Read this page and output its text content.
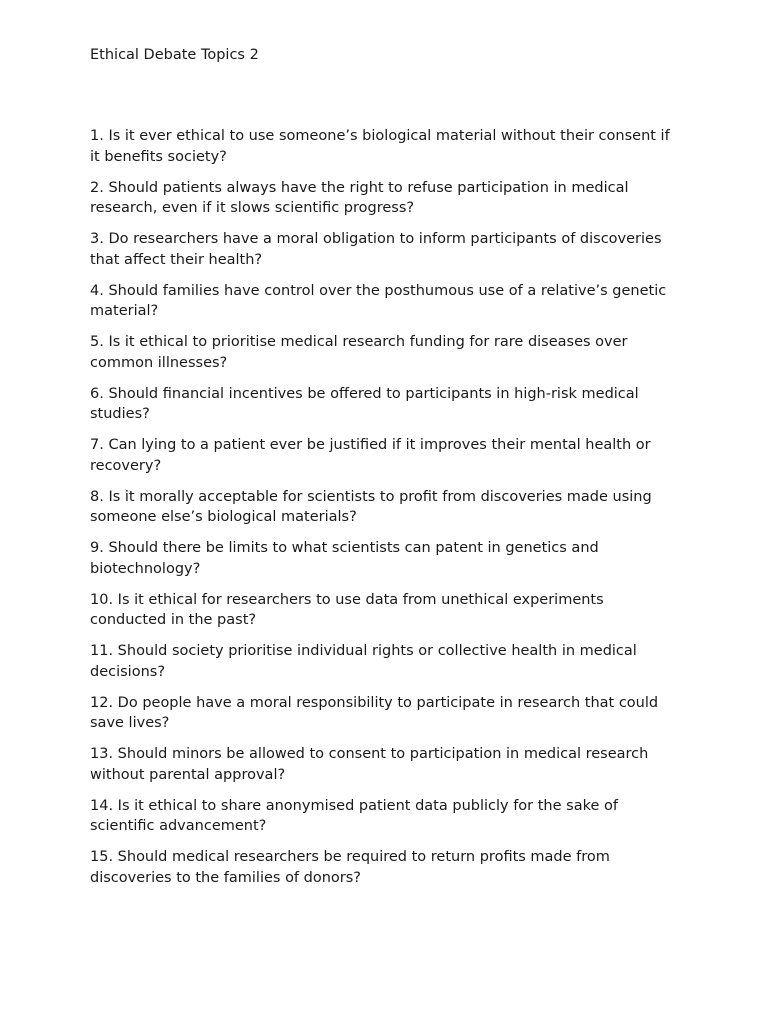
Ethical Debate Topics 2
1. Is it ever ethical to use someone’s biological material without their consent if it benefits society?
2. Should patients always have the right to refuse participation in medical research, even if it slows scientific progress?
3. Do researchers have a moral obligation to inform participants of discoveries that affect their health?
4. Should families have control over the posthumous use of a relative’s genetic material?
5. Is it ethical to prioritise medical research funding for rare diseases over common illnesses?
6. Should financial incentives be offered to participants in high-risk medical studies?
7. Can lying to a patient ever be justified if it improves their mental health or recovery?
8. Is it morally acceptable for scientists to profit from discoveries made using someone else’s biological materials?
9. Should there be limits to what scientists can patent in genetics and biotechnology?
10. Is it ethical for researchers to use data from unethical experiments conducted in the past?
11. Should society prioritise individual rights or collective health in medical decisions?
12. Do people have a moral responsibility to participate in research that could save lives?
13. Should minors be allowed to consent to participation in medical research without parental approval?
14. Is it ethical to share anonymised patient data publicly for the sake of scientific advancement?
15. Should medical researchers be required to return profits made from discoveries to the families of donors?
